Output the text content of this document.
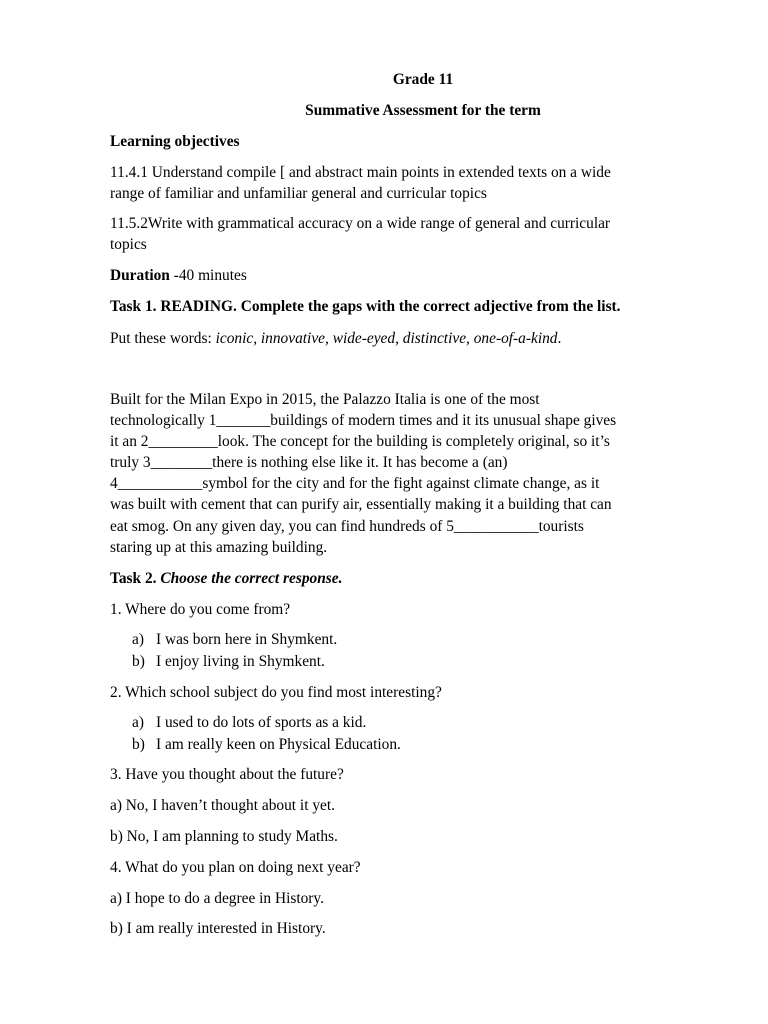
Grade 11
Summative Assessment for the term
Learning objectives
11.4.1 Understand compile [ and abstract main points in extended texts on a wide
range of familiar and unfamiliar general and curricular topics
11.5.2Write with grammatical accuracy on a wide range of general and curricular
topics
Duration -40 minutes
Task 1. READING. Complete the gaps with the correct adjective from the list.
Put these words: iconic, innovative, wide-eyed, distinctive, one-of-a-kind.
Built for the Milan Expo in 2015, the Palazzo Italia is one of the most
technologically 1_______buildings of modern times and it its unusual shape gives
it an 2_________look. The concept for the building is completely original, so it’s
truly 3________there is nothing else like it. It has become a (an)
4___________symbol for the city and for the fight against climate change, as it
was built with cement that can purify air, essentially making it a building that can
eat smog. On any given day, you can find hundreds of 5___________tourists
staring up at this amazing building.
Task 2. Choose the correct response.
1. Where do you come from?
a) I was born here in Shymkent.
b) I enjoy living in Shymkent.
2. Which school subject do you find most interesting?
a) I used to do lots of sports as a kid.
b) I am really keen on Physical Education.
3. Have you thought about the future?
a) No, I haven’t thought about it yet.
b) No, I am planning to study Maths.
4. What do you plan on doing next year?
a) I hope to do a degree in History.
b) I am really interested in History.
